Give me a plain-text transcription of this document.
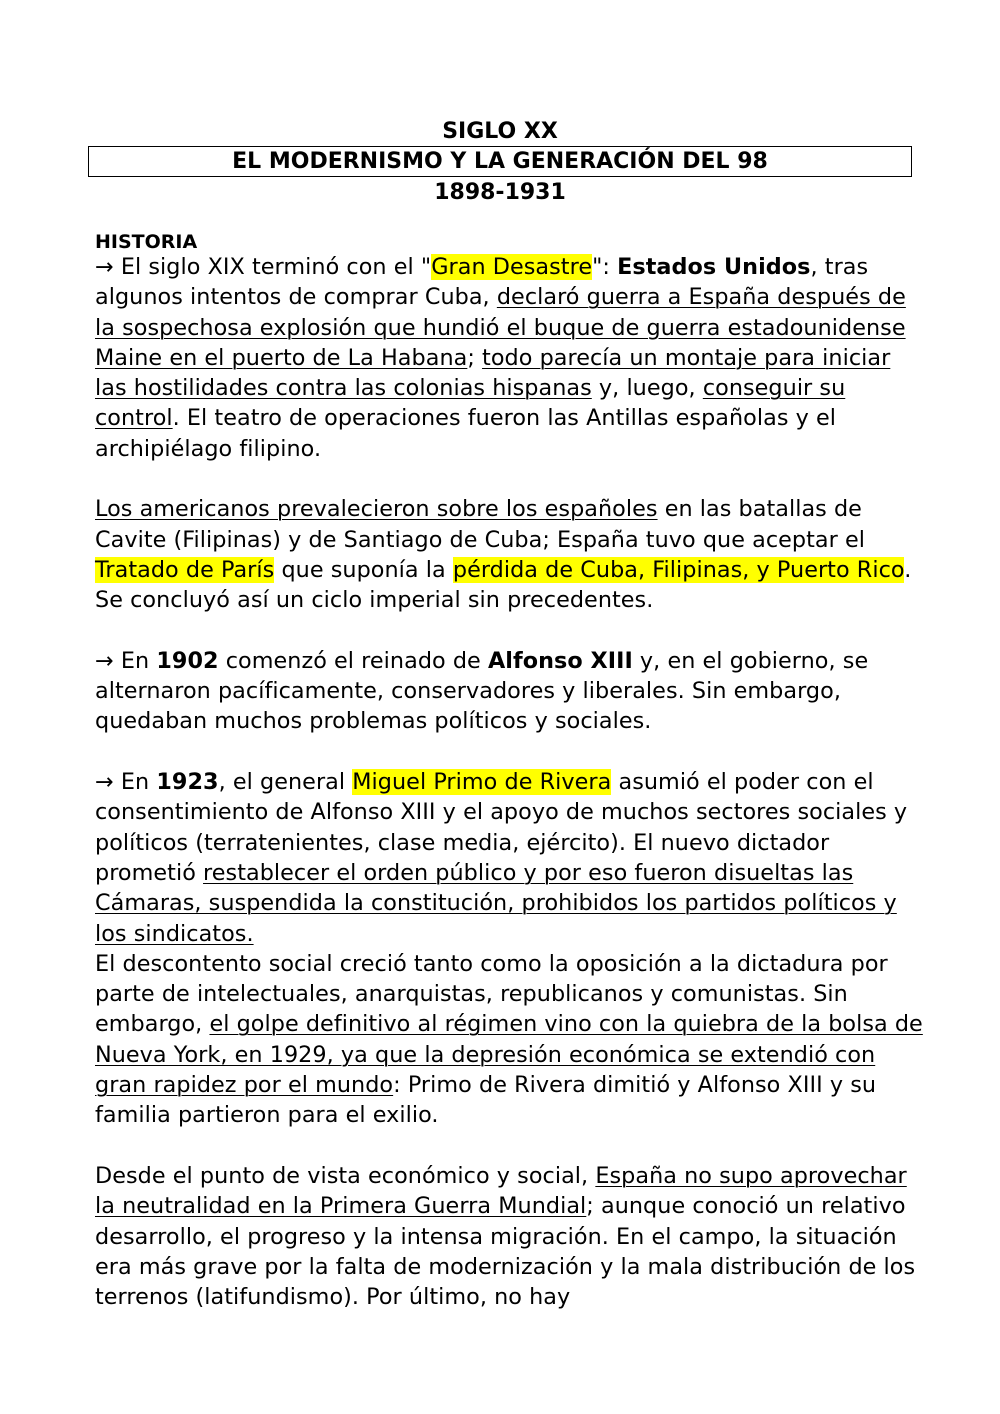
SIGLO XX
EL MODERNISMO Y LA GENERACIÓN DEL 98
1898-1931
HISTORIA

→ El siglo XIX terminó con el "Gran Desastre": Estados Unidos, tras algunos intentos de comprar Cuba, declaró guerra a España después de la sospechosa explosión que hundió el buque de guerra estadounidense Maine en el puerto de La Habana; todo parecía un montaje para iniciar las hostilidades contra las colonias hispanas y, luego, conseguir su control. El teatro de operaciones fueron las Antillas españolas y el archipiélago filipino.

Los americanos prevalecieron sobre los españoles en las batallas de Cavite (Filipinas) y de Santiago de Cuba; España tuvo que aceptar el Tratado de París que suponía la pérdida de Cuba, Filipinas, y Puerto Rico. Se concluyó así un ciclo imperial sin precedentes.

→ En 1902 comenzó el reinado de Alfonso XIII y, en el gobierno, se alternaron pacíficamente, conservadores y liberales. Sin embargo, quedaban muchos problemas políticos y sociales.

→ En 1923, el general Miguel Primo de Rivera asumió el poder con el consentimiento de Alfonso XIII y el apoyo de muchos sectores sociales y políticos (terratenientes, clase media, ejército). El nuevo dictador prometió restablecer el orden público y por eso fueron disueltas las Cámaras, suspendida la constitución, prohibidos los partidos políticos y los sindicatos.

El descontento social creció tanto como la oposición a la dictadura por parte de intelectuales, anarquistas, republicanos y comunistas. Sin embargo, el golpe definitivo al régimen vino con la quiebra de la bolsa de Nueva York, en 1929, ya que la depresión económica se extendió con gran rapidez por el mundo: Primo de Rivera dimitió y Alfonso XIII y su familia partieron para el exilio.

Desde el punto de vista económico y social, España no supo aprovechar la neutralidad en la Primera Guerra Mundial; aunque conoció un relativo desarrollo, el progreso y la intensa migración. En el campo, la situación era más grave por la falta de modernización y la mala distribución de los terrenos (latifundismo). Por último, no hay
